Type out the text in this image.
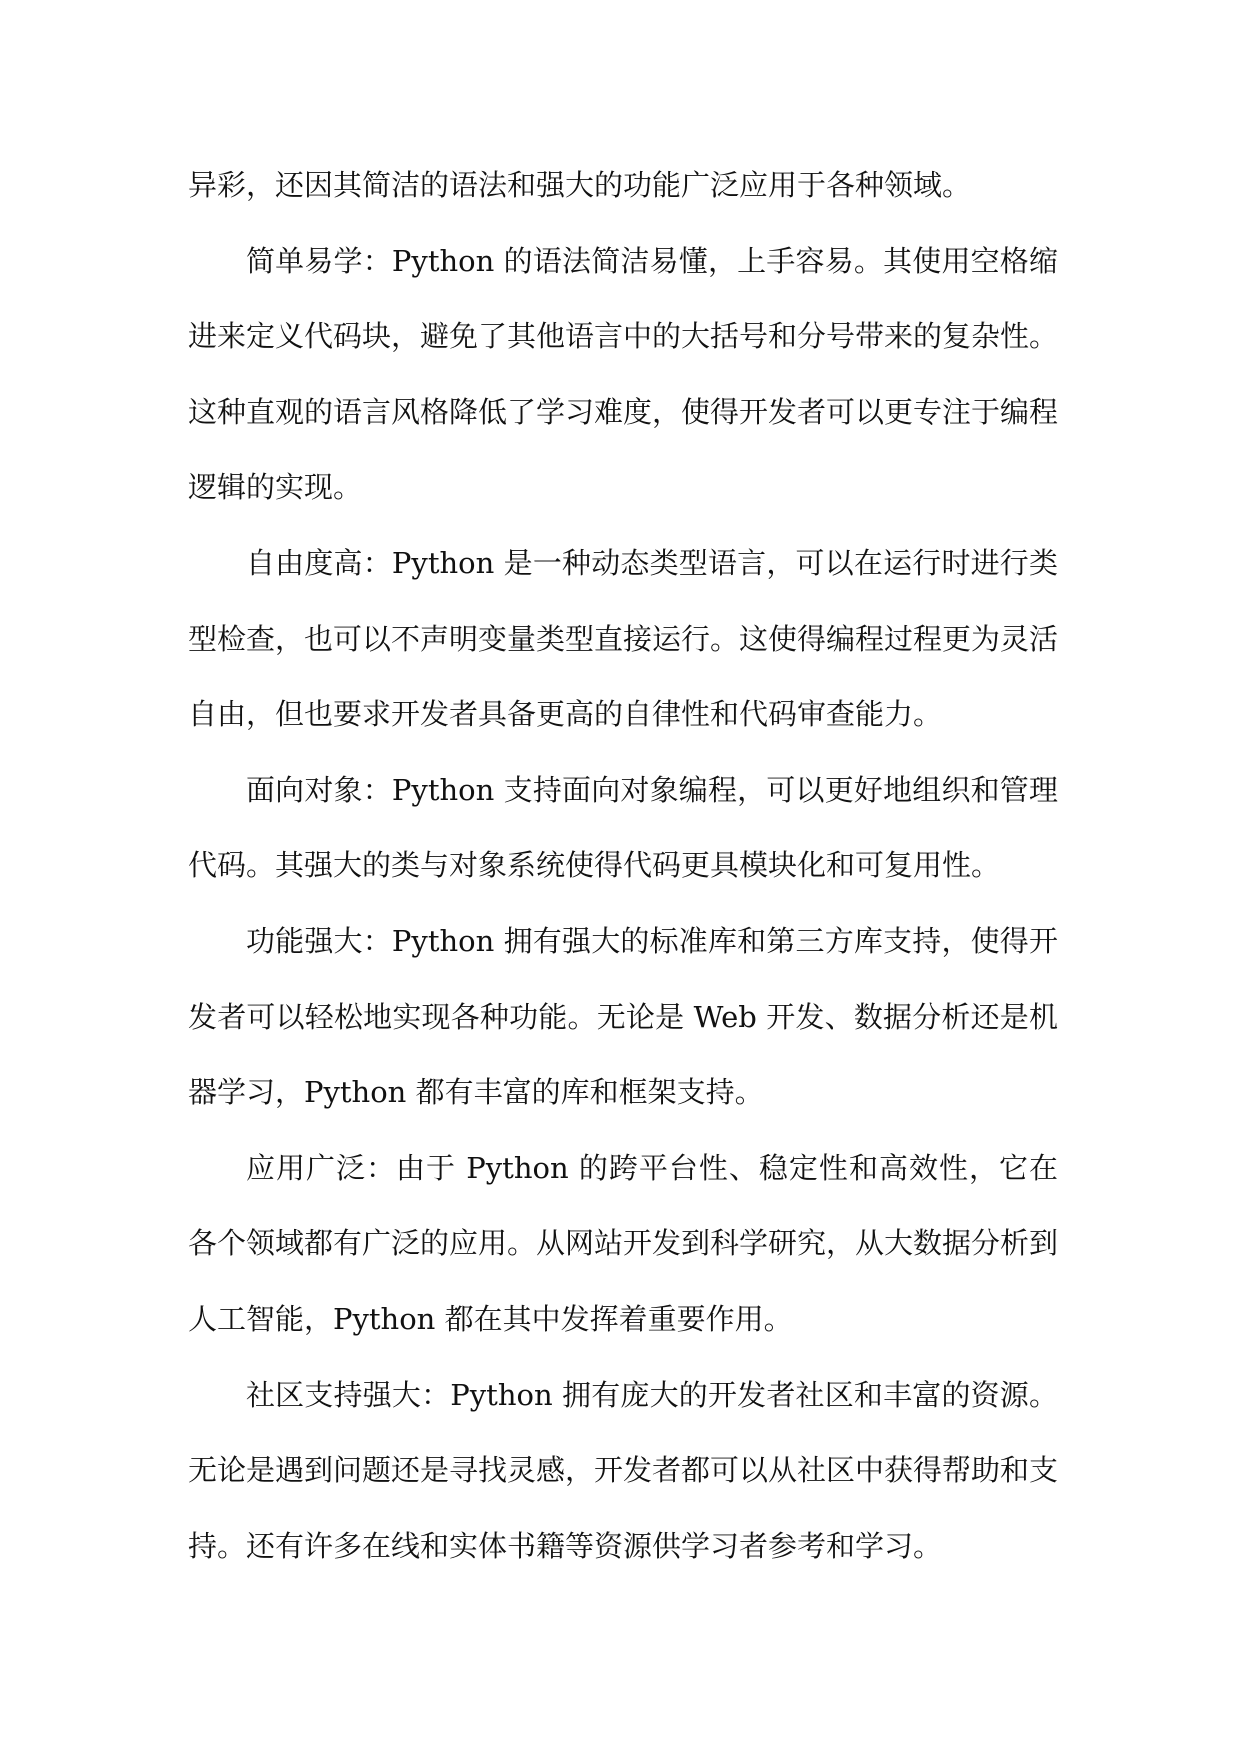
异彩，还因其简洁的语法和强大的功能广泛应用于各种领域。

简单易学：Python 的语法简洁易懂，上手容易。其使用空格缩进来定义代码块，避免了其他语言中的大括号和分号带来的复杂性。这种直观的语言风格降低了学习难度，使得开发者可以更专注于编程逻辑的实现。

自由度高：Python 是一种动态类型语言，可以在运行时进行类型检查，也可以不声明变量类型直接运行。这使得编程过程更为灵活自由，但也要求开发者具备更高的自律性和代码审查能力。

面向对象：Python 支持面向对象编程，可以更好地组织和管理代码。其强大的类与对象系统使得代码更具模块化和可复用性。

功能强大：Python 拥有强大的标准库和第三方库支持，使得开发者可以轻松地实现各种功能。无论是 Web 开发、数据分析还是机器学习，Python 都有丰富的库和框架支持。

应用广泛：由于 Python 的跨平台性、稳定性和高效性，它在各个领域都有广泛的应用。从网站开发到科学研究，从大数据分析到人工智能，Python 都在其中发挥着重要作用。

社区支持强大：Python 拥有庞大的开发者社区和丰富的资源。无论是遇到问题还是寻找灵感，开发者都可以从社区中获得帮助和支持。还有许多在线和实体书籍等资源供学习者参考和学习。
